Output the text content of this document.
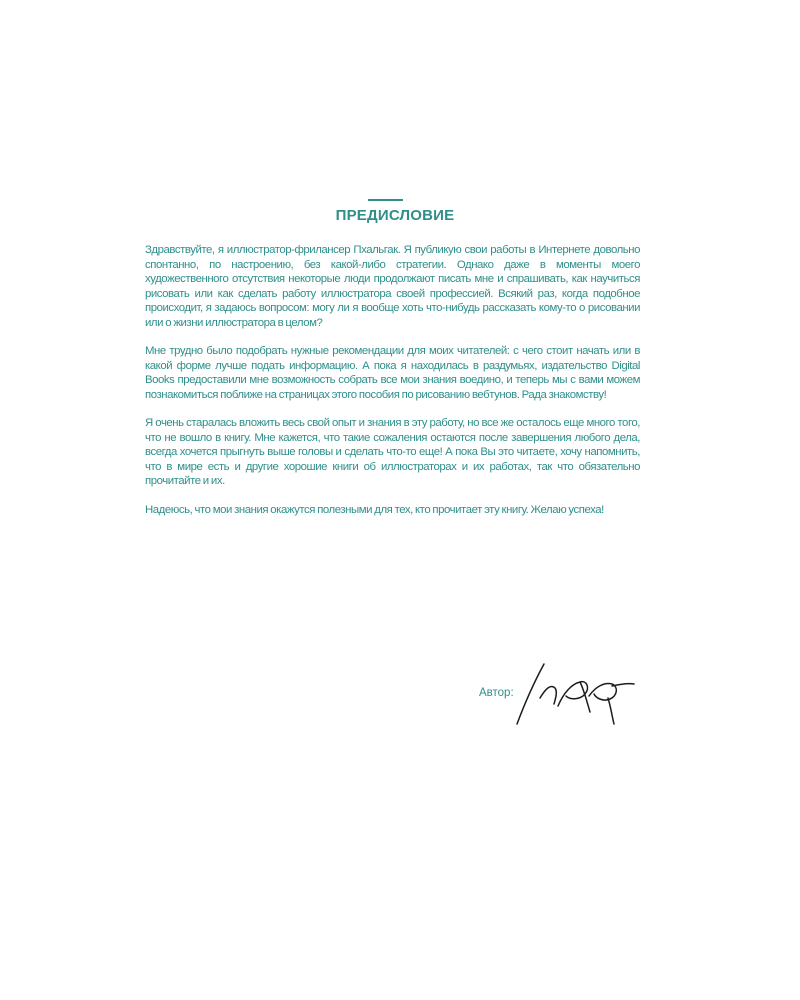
ПРЕДИСЛОВИЕ

Здравствуйте, я иллюстратор-фрилансер Пхальгак. Я публикую свои работы в Интернете довольно спонтанно, по настроению, без какой-либо стратегии. Однако даже в моменты моего художественного отсутствия некоторые люди продолжают писать мне и спрашивать, как научиться рисовать или как сделать работу иллюстратора своей профессией. Всякий раз, когда подобное происходит, я задаюсь вопросом: могу ли я вообще хоть что-нибудь рассказать кому-то о рисовании или о жизни иллюстратора в целом?

Мне трудно было подобрать нужные рекомендации для моих читателей: с чего стоит начать или в какой форме лучше подать информацию. А пока я находилась в раздумьях, издательство Digital Books предоставили мне возможность собрать все мои знания воедино, и теперь мы с вами можем познакомиться поближе на страницах этого пособия по рисованию вебтунов. Рада знакомству!

Я очень старалась вложить весь свой опыт и знания в эту работу, но все же осталось еще много того, что не вошло в книгу. Мне кажется, что такие сожаления остаются после завершения любого дела, всегда хочется прыгнуть выше головы и сделать что-то еще! А пока Вы это читаете, хочу напомнить, что в мире есть и другие хорошие книги об иллюстраторах и их работах, так что обязательно прочитайте и их.

Надеюсь, что мои знания окажутся полезными для тех, кто прочитает эту книгу. Желаю успеха!

Автор:
